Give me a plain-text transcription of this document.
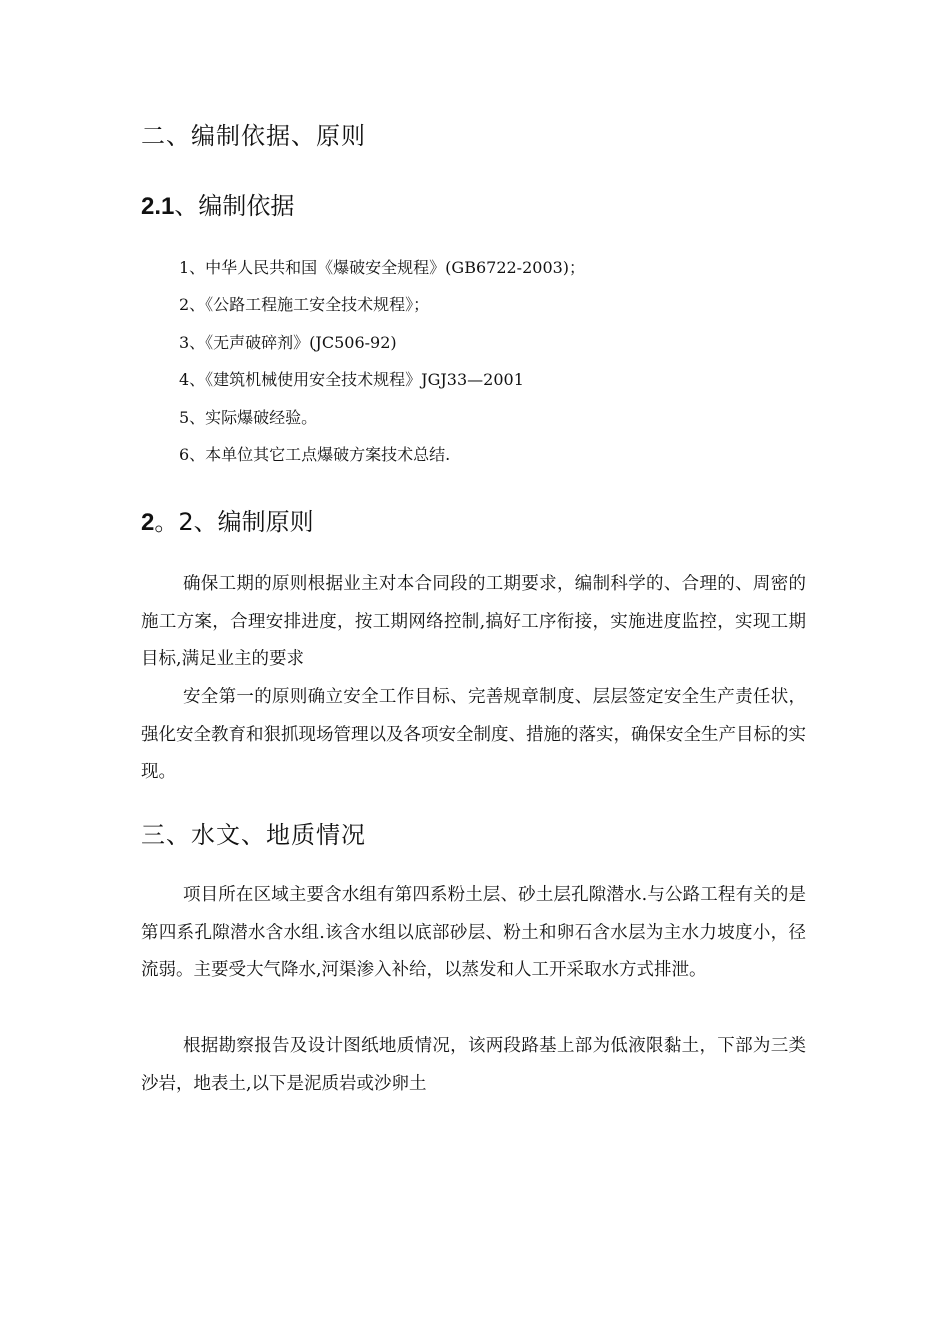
二、编制依据、原则
2.1、编制依据
1、中华人民共和国《爆破安全规程》(GB6722-2003)；
2、《公路工程施工安全技术规程》；
3、《无声破碎剂》(JC506-92)
4、《建筑机械使用安全技术规程》JGJ33—2001
5、实际爆破经验。
6、本单位其它工点爆破方案技术总结.
2。2、编制原则

确保工期的原则根据业主对本合同段的工期要求，编制科学的、合理的、周密的施工方案，合理安排进度，按工期网络控制,搞好工序衔接，实施进度监控，实现工期目标,满足业主的要求

安全第一的原则确立安全工作目标、完善规章制度、层层签定安全生产责任状，强化安全教育和狠抓现场管理以及各项安全制度、措施的落实，确保安全生产目标的实现。

三、水文、地质情况

项目所在区域主要含水组有第四系粉土层、砂土层孔隙潜水.与公路工程有关的是第四系孔隙潜水含水组.该含水组以底部砂层、粉土和卵石含水层为主水力坡度小，径流弱。主要受大气降水,河渠渗入补给，以蒸发和人工开采取水方式排泄。

根据勘察报告及设计图纸地质情况，该两段路基上部为低液限黏土，下部为三类沙岩，地表土,以下是泥质岩或沙卵土
